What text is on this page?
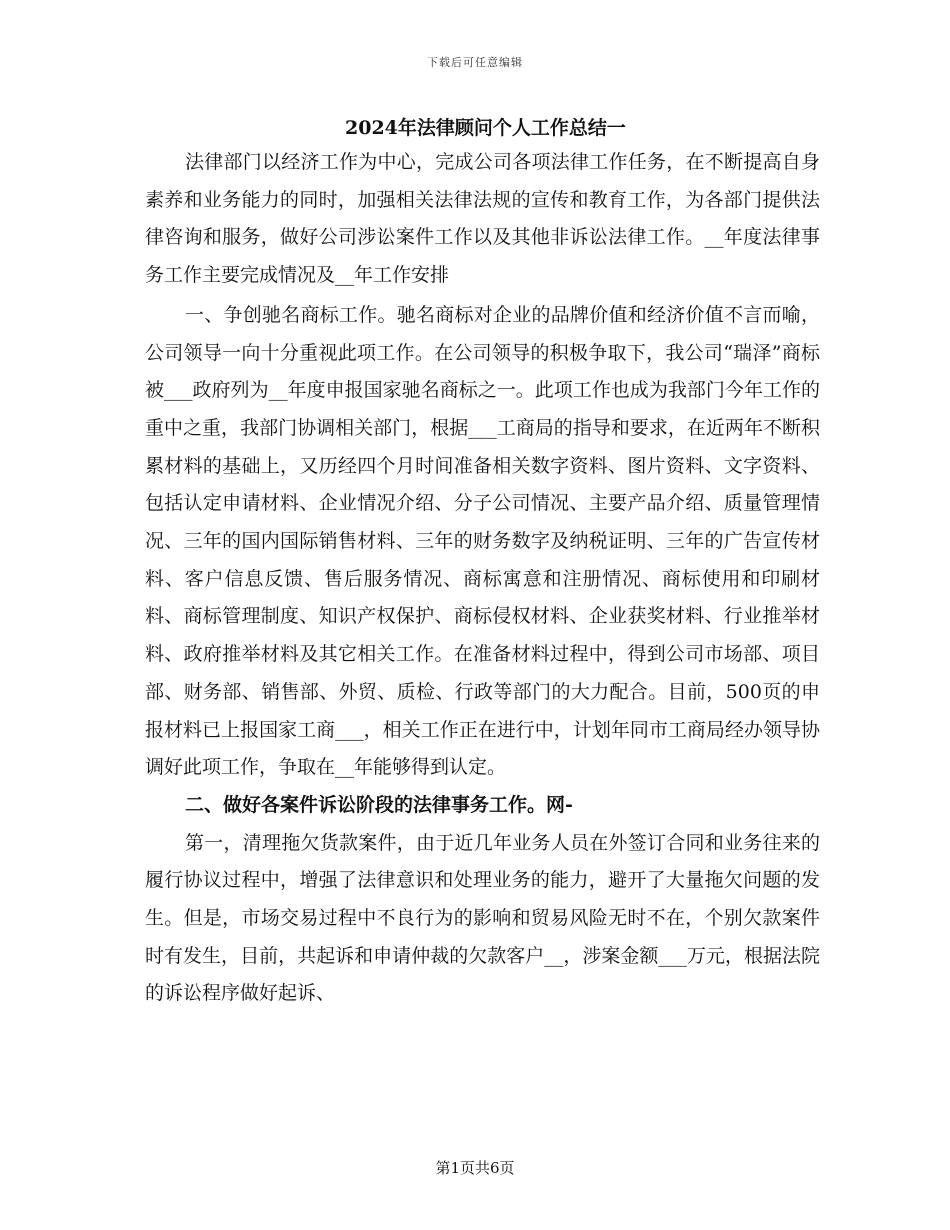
下载后可任意编辑
2024年法律顾问个人工作总结一

法律部门以经济工作为中心，完成公司各项法律工作任务，在不断提高自身素养和业务能力的同时，加强相关法律法规的宣传和教育工作，为各部门提供法律咨询和服务，做好公司涉讼案件工作以及其他非诉讼法律工作。__年度法律事务工作主要完成情况及__年工作安排

一、争创驰名商标工作。驰名商标对企业的品牌价值和经济价值不言而喻，公司领导一向十分重视此项工作。在公司领导的积极争取下，我公司“瑞泽”商标被___政府列为__年度申报国家驰名商标之一。此项工作也成为我部门今年工作的重中之重，我部门协调相关部门，根据___工商局的指导和要求，在近两年不断积累材料的基础上，又历经四个月时间准备相关数字资料、图片资料、文字资料、包括认定申请材料、企业情况介绍、分子公司情况、主要产品介绍、质量管理情况、三年的国内国际销售材料、三年的财务数字及纳税证明、三年的广告宣传材料、客户信息反馈、售后服务情况、商标寓意和注册情况、商标使用和印刷材料、商标管理制度、知识产权保护、商标侵权材料、企业获奖材料、行业推举材料、政府推举材料及其它相关工作。在准备材料过程中，得到公司市场部、项目部、财务部、销售部、外贸、质检、行政等部门的大力配合。目前，500页的申报材料已上报国家工商___，相关工作正在进行中，计划年同市工商局经办领导协调好此项工作，争取在__年能够得到认定。

二、做好各案件诉讼阶段的法律事务工作。网-

第一，清理拖欠货款案件，由于近几年业务人员在外签订合同和业务往来的履行协议过程中，增强了法律意识和处理业务的能力，避开了大量拖欠问题的发生。但是，市场交易过程中不良行为的影响和贸易风险无时不在，个别欠款案件时有发生，目前，共起诉和申请仲裁的欠款客户__，涉案金额___万元，根据法院的诉讼程序做好起诉、

第1页共6页
